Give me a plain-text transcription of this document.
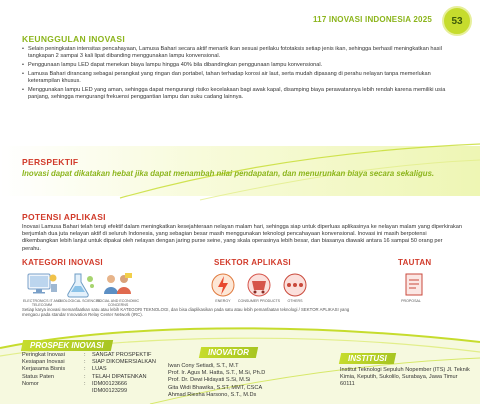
117 INOVASI INDONESIA 2025	53
KEUNGGULAN INOVASI
• Selain peningkatan intensitas pencahayaan, Lamusa Bahari secara aktif menarik ikan sesuai perilaku fototaksis setiap jenis ikan, sehingga berhasil meningkatkan hasil tangkapan 2 sampai 3 kali lipat dibanding menggunakan lampu konvensional.
• Penggunaan lampu LED dapat menekan biaya lampu hingga 40% bila dibandingkan penggunaan lampu konvensional.
• Lamusa Bahari dirancang sebagai perangkat yang ringan dan portabel, tahan terhadap korosi air laut, serta mudah dipasang di perahu nelayan tanpa memerlukan keterampilan khusus.
• Menggunakan lampu LED yang aman, sehingga dapat mengurangi risiko kecelakaan bagi awak kapal, disamping biaya perawatannya lebih rendah karena memiliki usia panjang, sehingga mengurangi frekuensi penggantian lampu dan suku cadang lainnya.
PERSPEKTIF
Inovasi dapat dikatakan hebat jika dapat menambah nilai pendapatan, dan menurunkan biaya secara sekaligus.
POTENSI APLIKASI
Inovasi Lamusa Bahari telah teruji efektif dalam meningkatkan kesejahteraan nelayan malam hari, sehingga siap untuk diperluas aplikasinya ke nelayan malam yang diperkirakan berjumlah dua juta nelayan aktif di seluruh Indonesia, yang sebagian besar masih menggunakan teknologi pencahayaan konvensional. Inovasi ini masih berpotensi dikembangkan lebih lanjut untuk dipakai oleh nelayan dengan jaring purse seine, yang skala operasinya lebih besar, dan biasanya diawaki antara 16 sampai 50 orang per perahu.
KATEGORI INOVASI
ELECTRONICS IT AND TELECOMM
BIOLOGICAL SCIENCES
SOCIAL AND ECONOMIC CONCERNS
SEKTOR APLIKASI
ENERGY	CONSUMER PRODUCTS	OTHERS
TAUTAN
PROPOSAL
Setiap karya inovasi memanfaatkan satu atau lebih KATEGORI TEKNOLOGI, dan bisa diaplikasikan pada satu atau lebih pemanfaatan teknologi / SEKTOR APLIKASI yang mengacu pada standar Innovation Relay Center Network (IRC).
PROSPEK INOVASI
Peringkat Inovasi	:	SANGAT PROSPEKTIF
Kesiapan Inovasi	:	SIAP DIKOMERSIALKAN
Kerjasama Bisnis	:	LUAS
Status Paten	:	TELAH DIPATENKAN
Nomor	:	IDM00123666
		IDM00123299
INOVATOR
Iwan Cony Setiadi, S.T., M.T
Prof. Ir. Agus M. Hatta, S.T., M.Si, Ph.D
Prof. Dr. Dewi Hidayati S.Si, M.Si
Gita Widi Bhawika, S.ST, MMT, CSCA
Ahmad Riesha Harsono, S.T., M.Ds
INSTITUSI
Institut Teknologi Sepuluh Nopember (ITS) Jl. Teknik Kimia, Keputih, Sukolilo, Surabaya, Jawa Timur 60111
